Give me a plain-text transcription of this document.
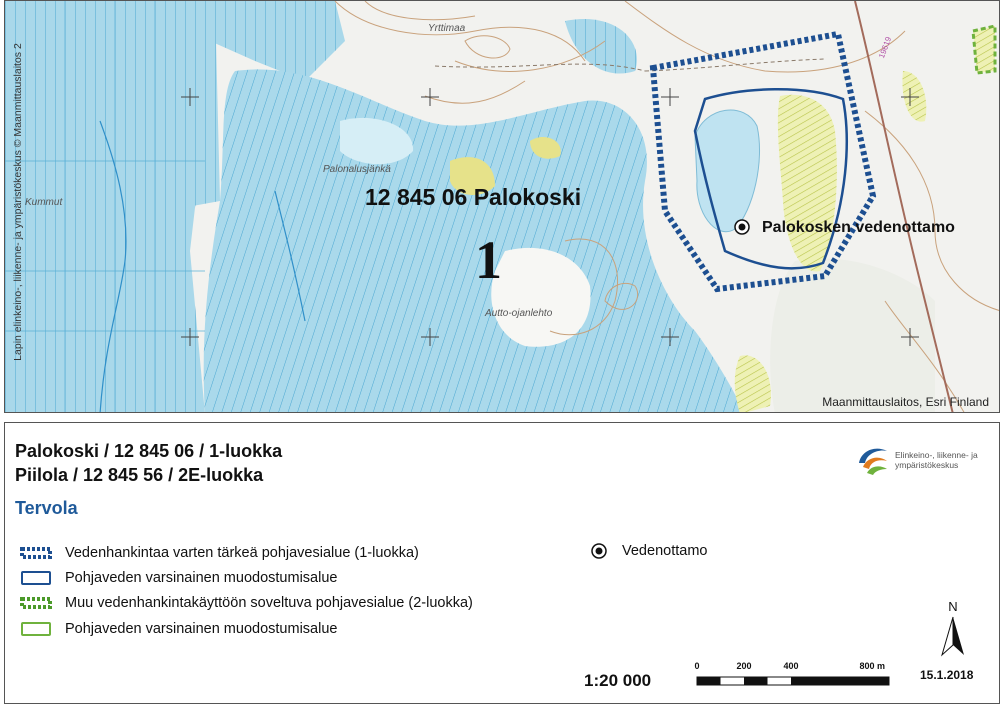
12 845 06 Palokoski
1
Palokosken vedenottamo
Maanmittauslaitos, Esri Finland
Lapin elinkeino-, liikenne- ja ympäristökeskus © Maanmittauslaitos 2
Yrttimaa
Palonalusjänkä
Kummut
Autto-ojanlehto
19619
Palokoski / 12 845 06 / 1-luokka
Piilola / 12 845 56 / 2E-luokka
Tervola
Elinkeino-, liikenne- ja ympäristökeskus
Vedenhankintaa varten tärkeä pohjavesialue (1-luokka)
Pohjaveden varsinainen muodostumisalue
Muu vedenhankintakäyttöön soveltuva pohjavesialue (2-luokka)
Pohjaveden varsinainen muodostumisalue
Vedenottamo
N
1:20 000
0	200	400	800 m
15.1.2018
